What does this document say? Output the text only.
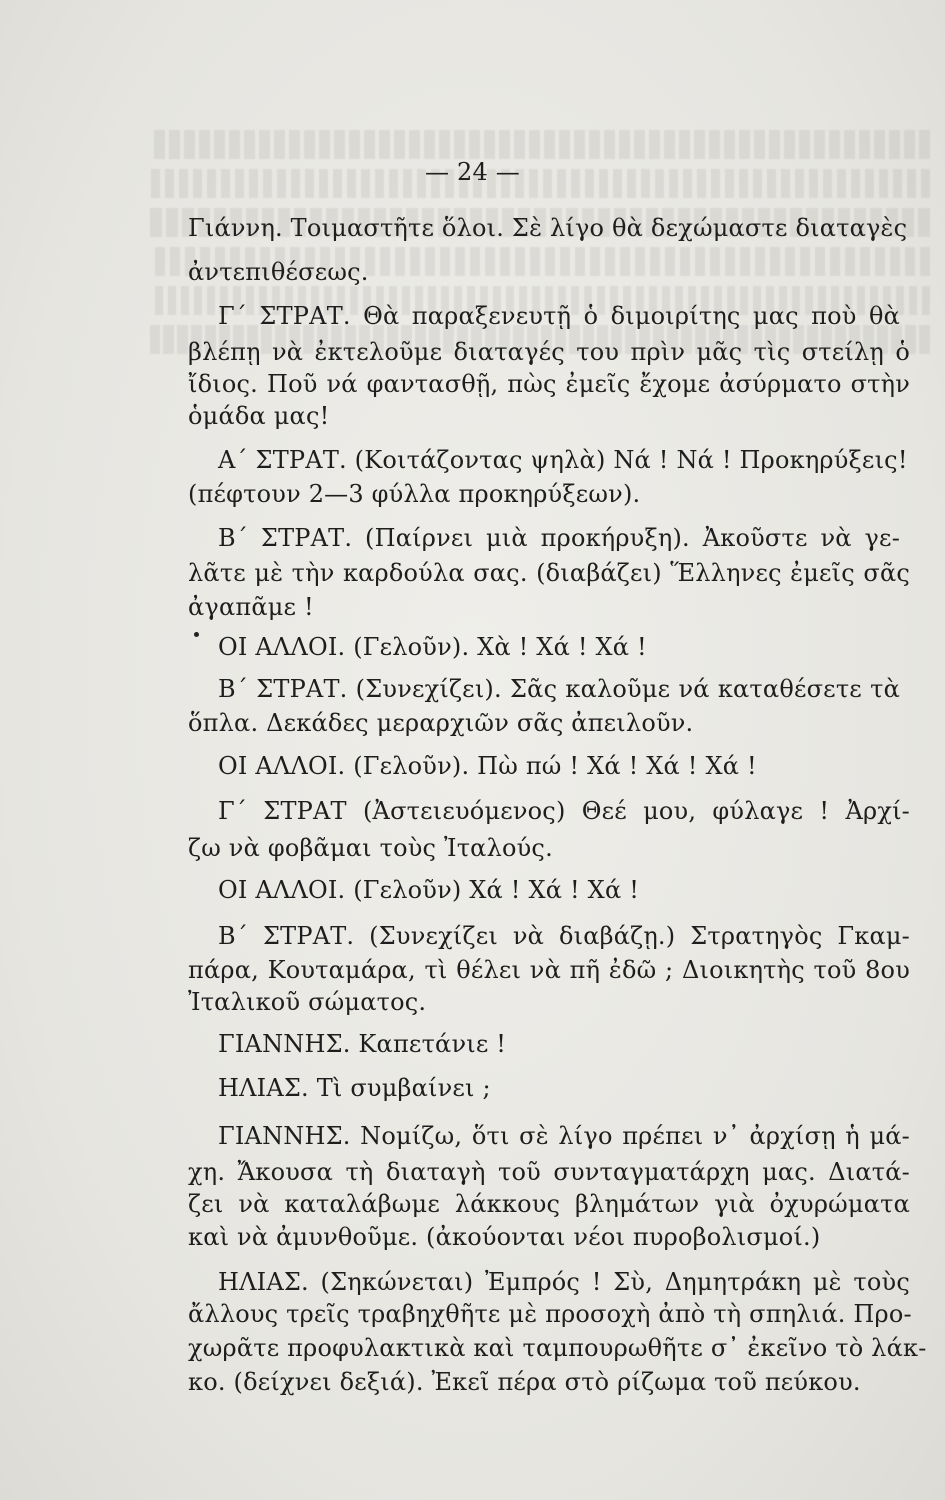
— 24 —
Γιάννη. Τοιμαστῆτε ὅλοι. Σὲ λίγο θὰ δεχώμαστε διαταγὲς
ἀντεπιθέσεως.
Γ΄ ΣΤΡΑΤ. Θὰ παραξενευτῇ ὁ διμοιρίτης μας ποὺ θὰ
βλέπῃ νὰ ἐκτελοῦμε διαταγές του πρὶν μᾶς τὶς στείλῃ ὁ
ἴδιος. Ποῦ νά φαντασθῇ, πὼς ἐμεῖς ἔχομε ἀσύρματο στὴν
ὁμάδα μας!
Α΄ ΣΤΡΑΤ. (Κοιτάζοντας ψηλὰ) Νά ! Νά ! Προκηρύξεις!
(πέφτουν 2—3 φύλλα προκηρύξεων).
Β΄ ΣΤΡΑΤ. (Παίρνει μιὰ προκήρυξη). Ἀκοῦστε νὰ γε-
λᾶτε μὲ τὴν καρδούλα σας. (διαβάζει) Ἕλληνες ἐμεῖς σᾶς
ἀγαπᾶμε !
ΟΙ ΑΛΛΟΙ. (Γελοῦν). Χὰ ! Χά ! Χά !
Β΄ ΣΤΡΑΤ. (Συνεχίζει). Σᾶς καλοῦμε νά καταθέσετε τὰ
ὅπλα. Δεκάδες μεραρχιῶν σᾶς ἀπειλοῦν.
ΟΙ ΑΛΛΟΙ. (Γελοῦν). Πὼ πώ ! Χά ! Χά ! Χά !
Γ΄ ΣΤΡΑΤ (Ἀστειευόμενος) Θεέ μου, φύλαγε ! Ἀρχί-
ζω νὰ φοβᾶμαι τοὺς Ἰταλούς.
ΟΙ ΑΛΛΟΙ. (Γελοῦν) Χά ! Χά ! Χά !
Β΄ ΣΤΡΑΤ. (Συνεχίζει νὰ διαβάζῃ.) Στρατηγὸς Γκαμ-
πάρα, Κουταμάρα, τὶ θέλει νὰ πῆ ἐδῶ ; Διοικητὴς τοῦ 8ου
Ἰταλικοῦ σώματος.
ΓΙΑΝΝΗΣ. Καπετάνιε !
ΗΛΙΑΣ. Τὶ συμβαίνει ;
ΓΙΑΝΝΗΣ. Νομίζω, ὅτι σὲ λίγο πρέπει ν᾽ ἀρχίσῃ ἡ μά-
χη. Ἄκουσα τὴ διαταγὴ τοῦ συνταγματάρχη μας. Διατά-
ζει νὰ καταλάβωμε λάκκους βλημάτων γιὰ ὀχυρώματα
καὶ νὰ ἀμυνθοῦμε. (ἀκούονται νέοι πυροβολισμοί.)
ΗΛΙΑΣ. (Σηκώνεται) Ἐμπρός ! Σὺ, Δημητράκη μὲ τοὺς
ἄλλους τρεῖς τραβηχθῆτε μὲ προσοχὴ ἀπὸ τὴ σπηλιά. Προ-
χωρᾶτε προφυλακτικὰ καὶ ταμπουρωθῆτε σ᾽ ἐκεῖνο τὸ λάκ-
κο. (δείχνει δεξιά). Ἐκεῖ πέρα στὸ ρίζωμα τοῦ πεύκου.
